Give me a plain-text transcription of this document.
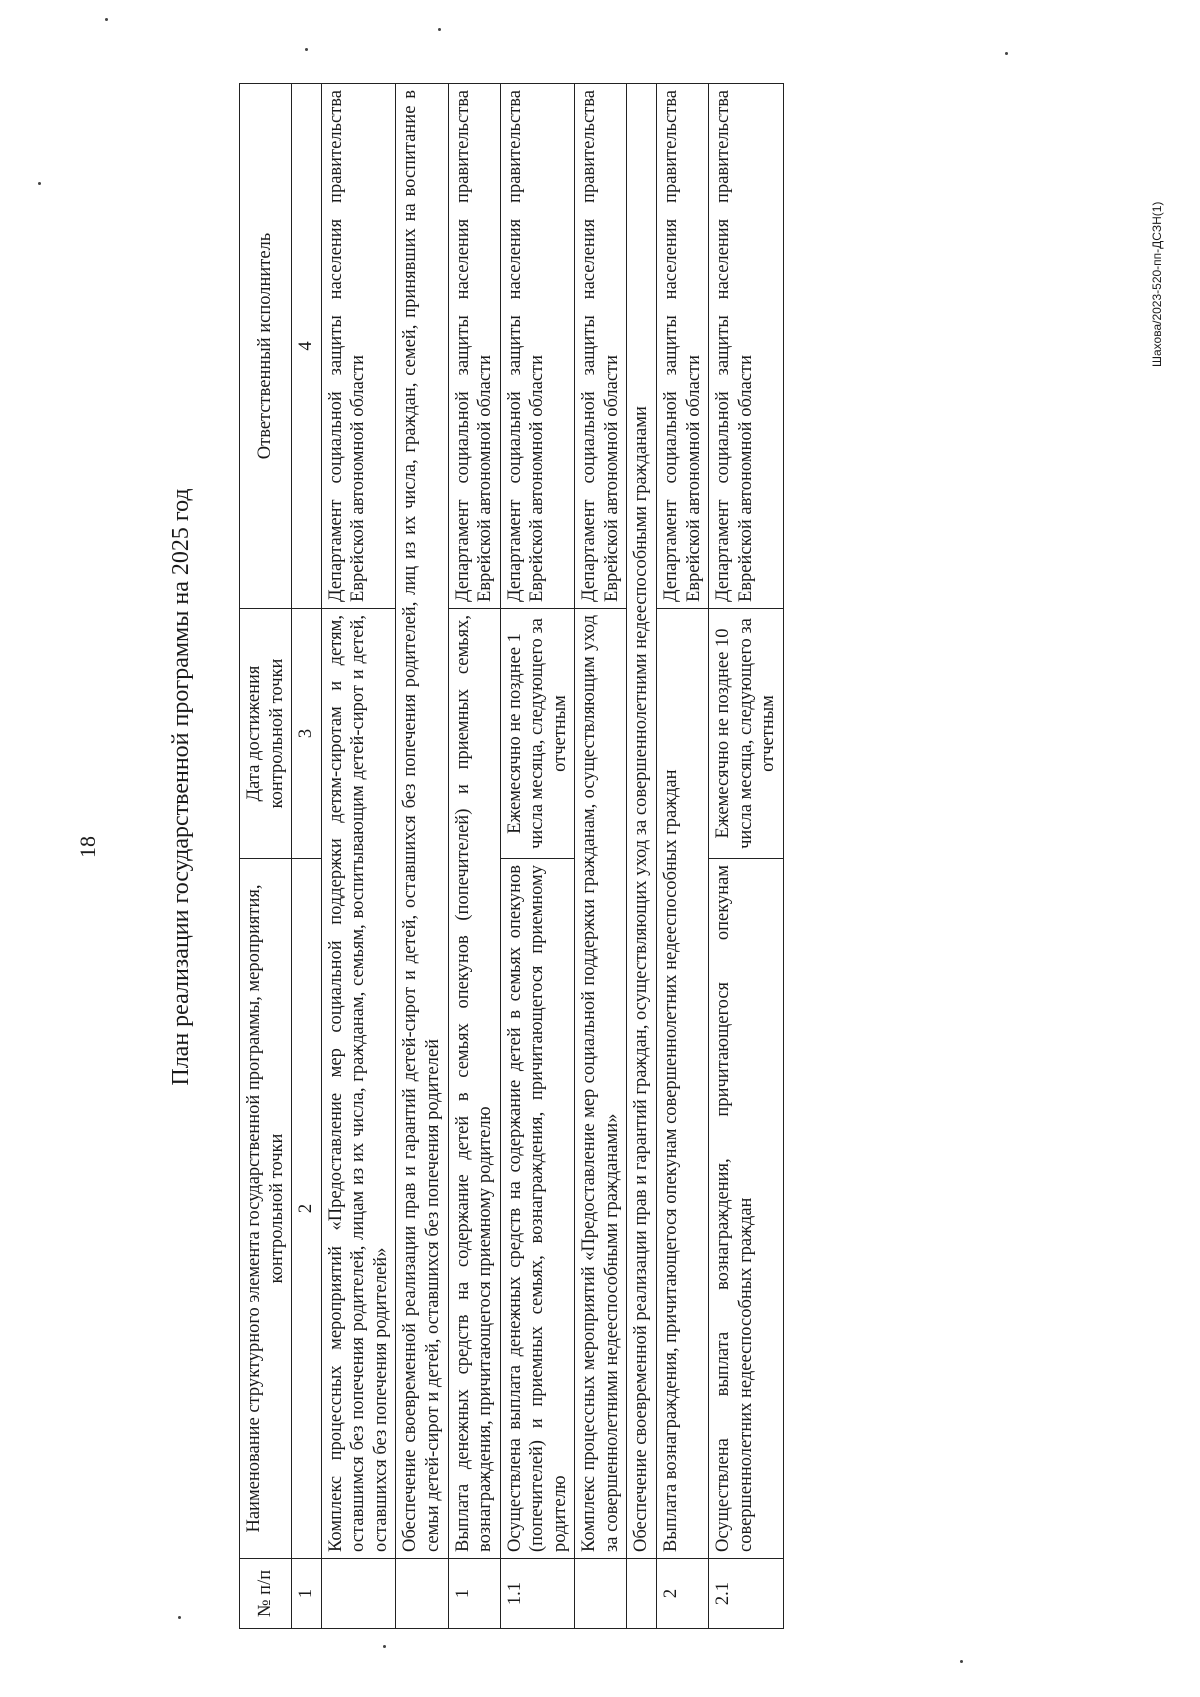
18	План реализации государственной программы на 2025 год
№ п/п	Наименование структурного элемента государственной программы, мероприятия, контрольной точки	Дата достижения контрольной точки	Ответственный исполнитель
1	2	3	4
	Комплекс процессных мероприятий «Предоставление мер социальной поддержки детям-сиротам и детям, оставшимся без попечения родителей, лицам из их числа, гражданам, семьям, воспитывающим детей-сирот и детей, оставшихся без попечения родителей»		Департамент социальной защиты населения правительства Еврейской автономной области
	Обеспечение своевременной реализации прав и гарантий детей-сирот и детей, оставшихся без попечения родителей, лиц из их числа, граждан, семей, принявших на воспитание в семьи детей-сирот и детей, оставшихся без попечения родителей		
1	Выплата денежных средств на содержание детей в семьях опекунов (попечителей) и приемных семьях, вознаграждения, причитающегося приемному родителю		Департамент социальной защиты населения правительства Еврейской автономной области
1.1	Осуществлена выплата денежных средств на содержание детей в семьях опекунов (попечителей) и приемных семьях, вознаграждения, причитающегося приемному родителю	Ежемесячно не позднее 1 числа месяца, следующего за отчетным	Департамент социальной защиты населения правительства Еврейской автономной области
	Комплекс процессных мероприятий «Предоставление мер социальной поддержки гражданам, осуществляющим уход за совершеннолетними недееспособными гражданами»		Департамент социальной защиты населения правительства Еврейской автономной области
	Обеспечение своевременной реализации прав и гарантий граждан, осуществляющих уход за совершеннолетними недееспособными гражданами		
2	Выплата вознаграждения, причитающегося опекунам совершеннолетних недееспособных граждан		Департамент социальной защиты населения правительства Еврейской автономной области
2.1	Осуществлена выплата вознаграждения, причитающегося опекунам совершеннолетних недееспособных граждан	Ежемесячно не позднее 10 числа месяца, следующего за отчетным	Департамент социальной защиты населения правительства Еврейской автономной области
Шахова/2023-520-пп-ДСЗН(1)
